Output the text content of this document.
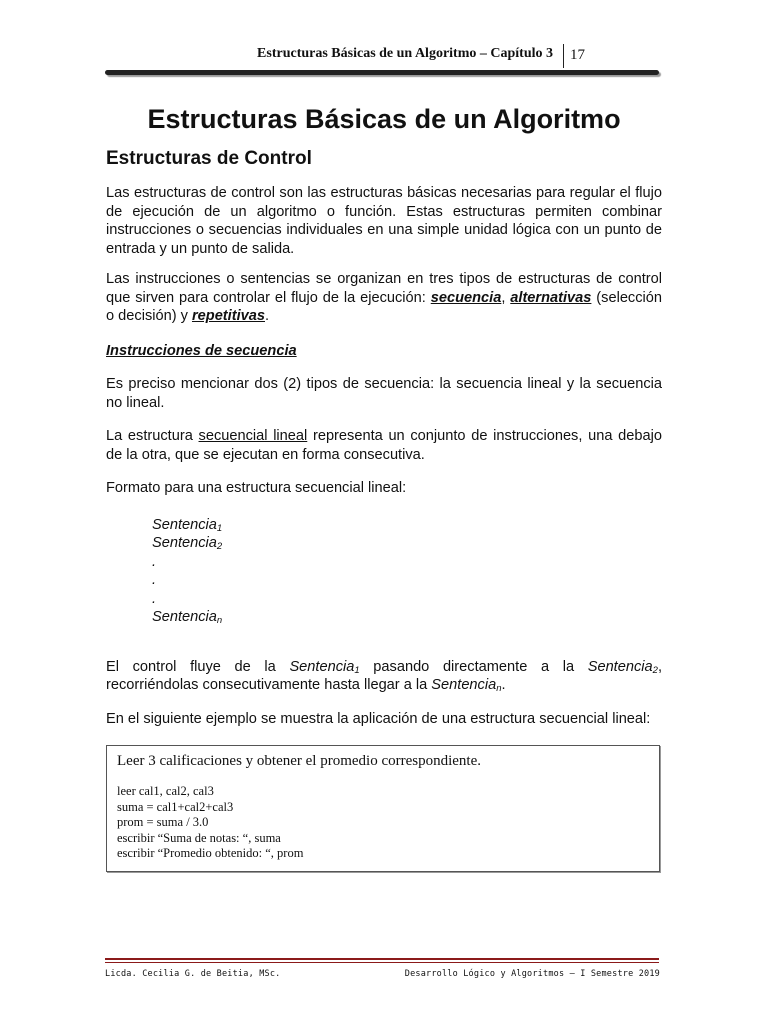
Estructuras Básicas de un Algoritmo – Capítulo 3 17
Estructuras Básicas de un Algoritmo
Estructuras de Control

Las estructuras de control son las estructuras básicas necesarias para regular el flujo de ejecución de un algoritmo o función. Estas estructuras permiten combinar instrucciones o secuencias individuales en una simple unidad lógica con un punto de entrada y un punto de salida.

Las instrucciones o sentencias se organizan en tres tipos de estructuras de control que sirven para controlar el flujo de la ejecución: secuencia, alternativas (selección o decisión) y repetitivas.

Instrucciones de secuencia

Es preciso mencionar dos (2) tipos de secuencia: la secuencia lineal y la secuencia no lineal.

La estructura secuencial lineal representa un conjunto de instrucciones, una debajo de la otra, que se ejecutan en forma consecutiva.

Formato para una estructura secuencial lineal:

Sentencia$_1$
Sentencia$_2$
.
.
.
Sentencia$_n$

El control fluye de la Sentencia$_1$ pasando directamente a la Sentencia$_2$, recorriéndolas consecutivamente hasta llegar a la Sentencia$_n$.

En el siguiente ejemplo se muestra la aplicación de una estructura secuencial lineal:

Leer 3 calificaciones y obtener el promedio correspondiente.
leer cal1, cal2, cal3
suma = cal1+cal2+cal3
prom = suma / 3.0
escribir “Suma de notas: “, suma
escribir “Promedio obtenido: “, prom
Licda. Cecilia G. de Beitia, MSc.	Desarrollo Lógico y Algoritmos – I Semestre 2019
